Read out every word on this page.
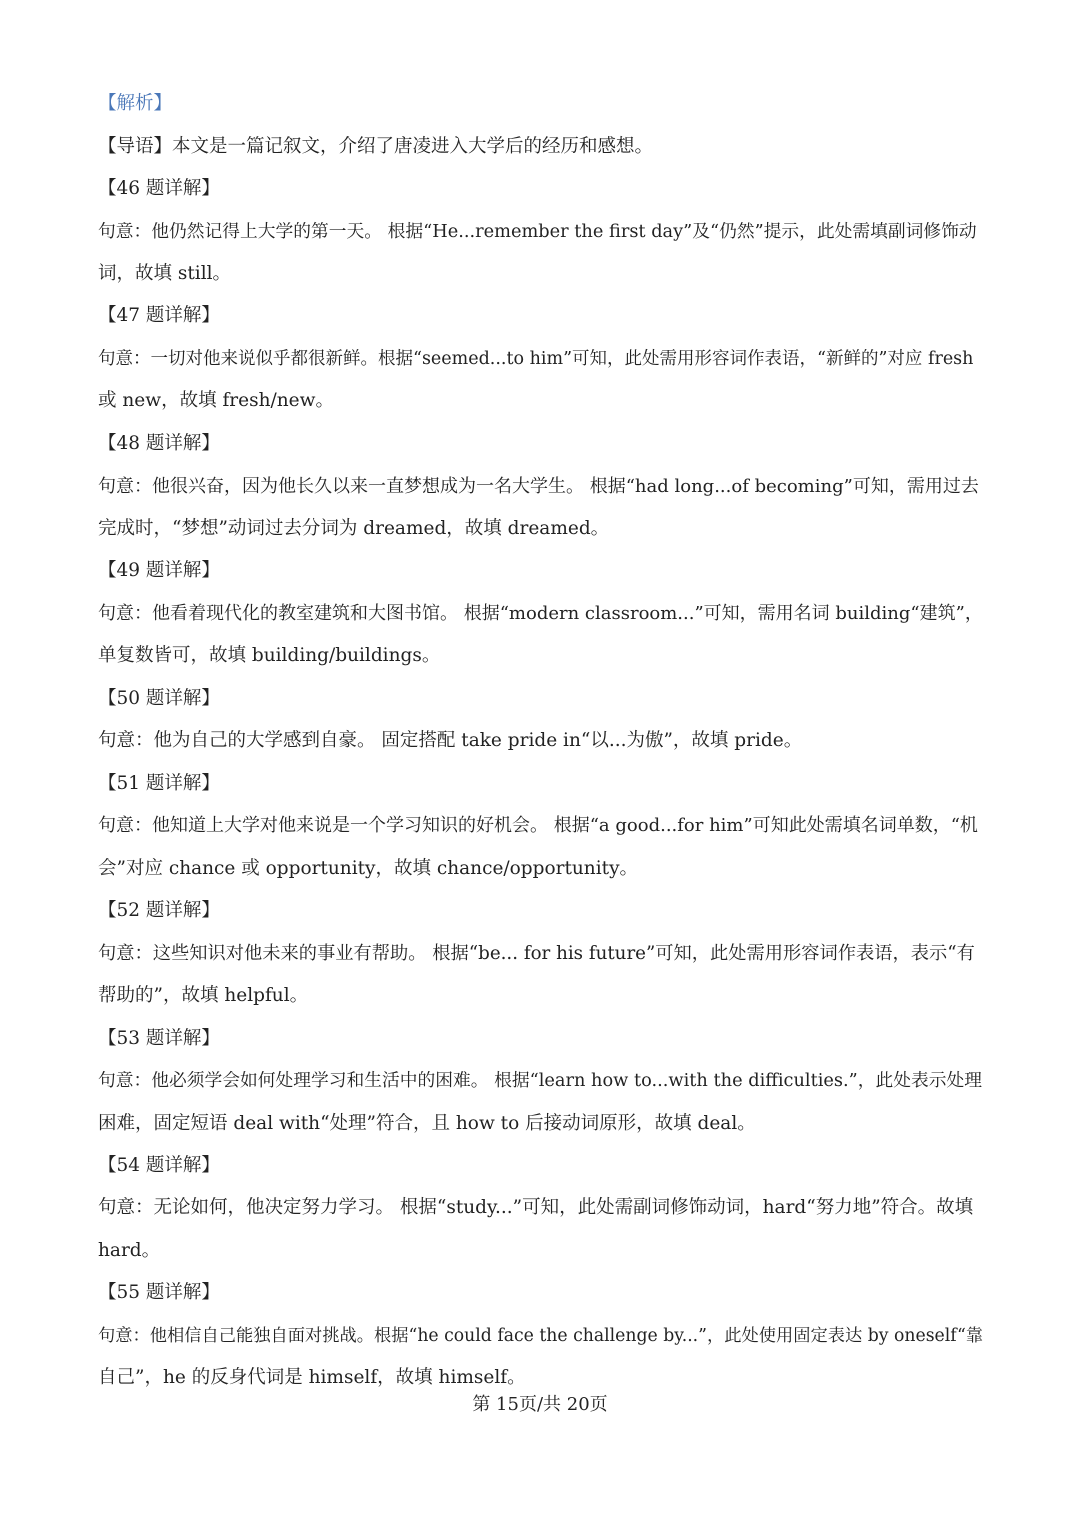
【解析】
【导语】本文是一篇记叙文，介绍了唐凌进入大学后的经历和感想。
【46 题详解】
句意：他仍然记得上大学的第一天。 根据“He...remember the first day”及“仍然”提示，此处需填副词修饰动
词，故填 still。
【47 题详解】
句意：一切对他来说似乎都很新鲜。根据“seemed...to him”可知，此处需用形容词作表语，“新鲜的”对应 fresh
或 new，故填 fresh/new。
【48 题详解】
句意：他很兴奋，因为他长久以来一直梦想成为一名大学生。 根据“had long...of becoming”可知，需用过去
完成时，“梦想”动词过去分词为 dreamed，故填 dreamed。
【49 题详解】
句意：他看着现代化的教室建筑和大图书馆。 根据“modern classroom...”可知，需用名词 building“建筑”，
单复数皆可，故填 building/buildings。
【50 题详解】
句意：他为自己的大学感到自豪。 固定搭配 take pride in“以...为傲”，故填 pride。
【51 题详解】
句意：他知道上大学对他来说是一个学习知识的好机会。 根据“a good...for him”可知此处需填名词单数，“机
会”对应 chance 或 opportunity，故填 chance/opportunity。
【52 题详解】
句意：这些知识对他未来的事业有帮助。 根据“be... for his future”可知，此处需用形容词作表语，表示“有
帮助的”，故填 helpful。
【53 题详解】
句意：他必须学会如何处理学习和生活中的困难。 根据“learn how to...with the difficulties.”，此处表示处理
困难，固定短语 deal with“处理”符合，且 how to 后接动词原形，故填 deal。
【54 题详解】
句意：无论如何，他决定努力学习。 根据“study...”可知，此处需副词修饰动词，hard“努力地”符合。故填
hard。
【55 题详解】
句意：他相信自己能独自面对挑战。根据“he could face the challenge by...”，此处使用固定表达 by oneself“靠
自己”，he 的反身代词是 himself，故填 himself。
第 15页/共 20页
